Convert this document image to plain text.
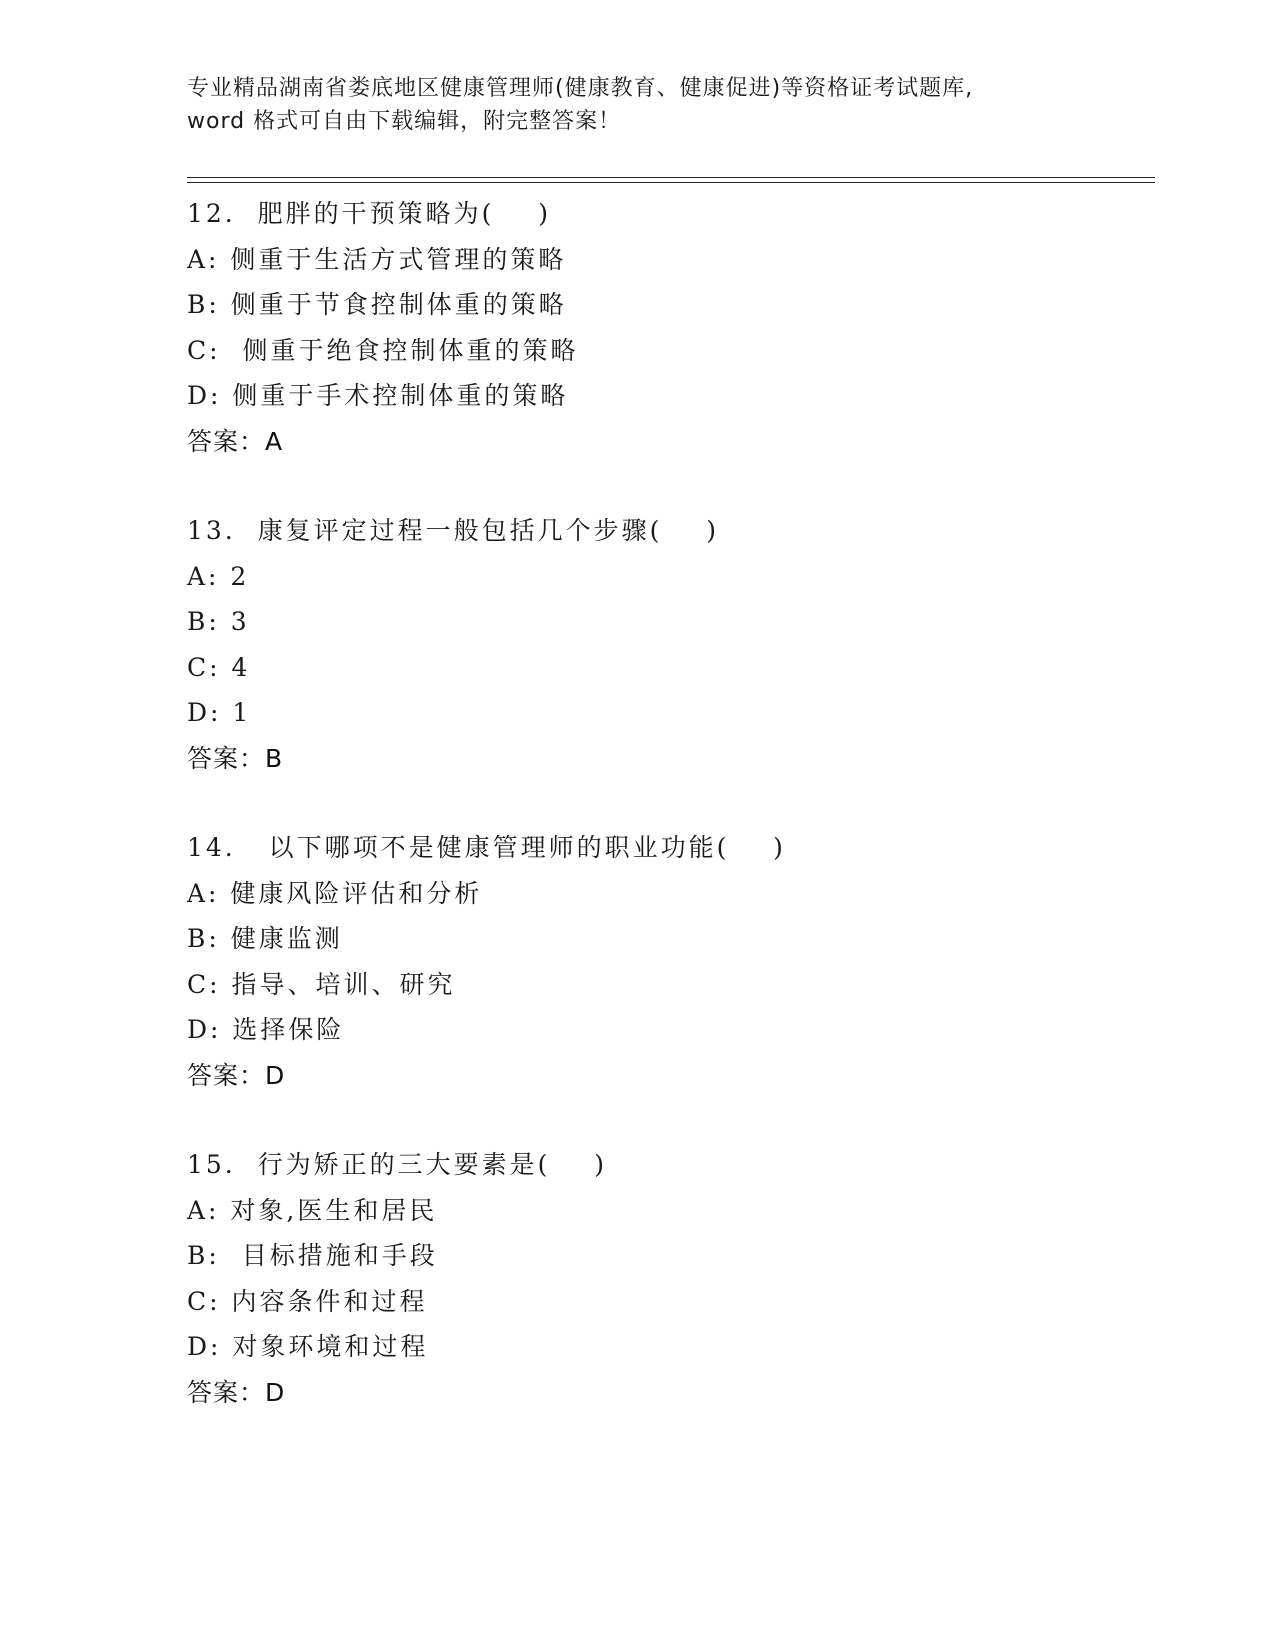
专业精品湖南省娄底地区健康管理师(健康教育、健康促进)等资格证考试题库,
word 格式可自由下载编辑，附完整答案！
12.  肥胖的干预策略为(    )
A: 侧重于生活方式管理的策略
B: 侧重于节食控制体重的策略
C:  侧重于绝食控制体重的策略
D: 侧重于手术控制体重的策略
答案：A
13.  康复评定过程一般包括几个步骤(    )
A: 2
B: 3
C: 4
D: 1
答案：B
14.   以下哪项不是健康管理师的职业功能(    )
A: 健康风险评估和分析
B: 健康监测
C: 指导、培训、研究
D: 选择保险
答案：D
15.  行为矫正的三大要素是(    )
A: 对象,医生和居民
B:  目标措施和手段
C: 内容条件和过程
D: 对象环境和过程
答案：D
